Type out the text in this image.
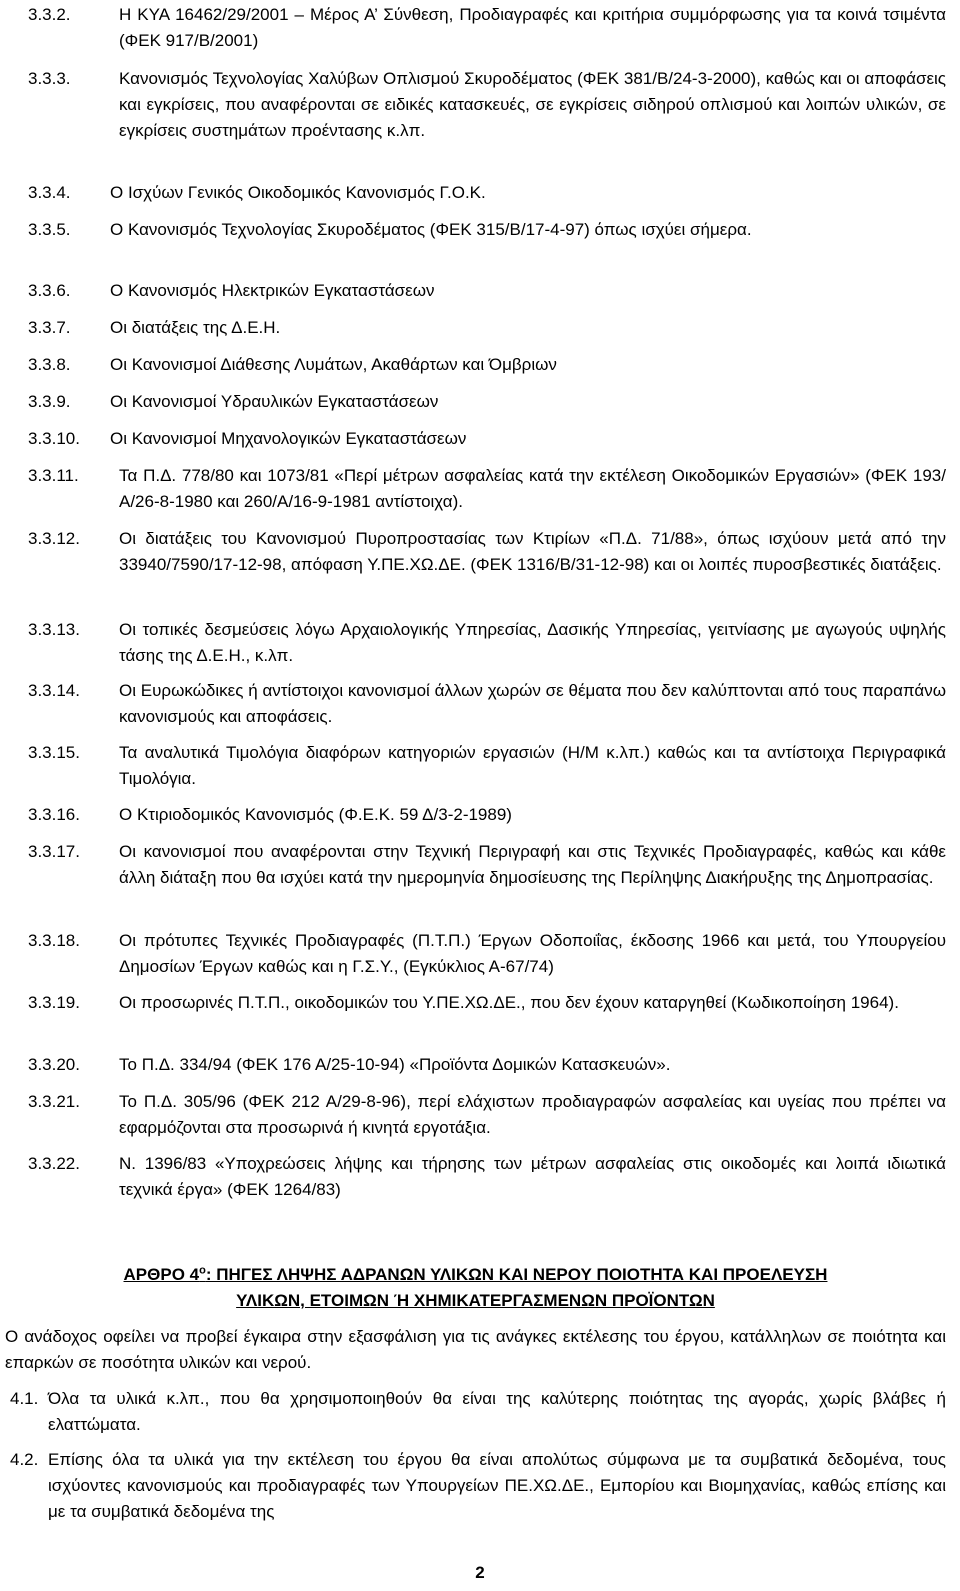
3.3.2.	Η ΚΥΑ 16462/29/2001 – Μέρος Α’ Σύνθεση, Προδιαγραφές και κριτήρια συμμόρφωσης για τα κοινά τσιμέντα (ΦΕΚ 917/Β/2001)
3.3.3.	Κανονισμός Τεχνολογίας Χαλύβων Οπλισμού Σκυροδέματος (ΦΕΚ 381/Β/24-3-2000), καθώς και οι αποφάσεις και εγκρίσεις, που αναφέρονται σε ειδικές κατασκευές, σε εγκρίσεις σιδηρού οπλισμού και λοιπών υλικών, σε εγκρίσεις συστημάτων προέντασης κ.λπ.
3.3.4. Ο Ισχύων Γενικός Οικοδομικός Κανονισμός Γ.Ο.Κ.
3.3.5. Ο Κανονισμός Τεχνολογίας Σκυροδέματος (ΦΕΚ 315/Β/17-4-97) όπως ισχύει σήμερα.
3.3.6. Ο Κανονισμός Ηλεκτρικών Εγκαταστάσεων
3.3.7. Οι διατάξεις της Δ.Ε.Η.
3.3.8. Οι Κανονισμοί Διάθεσης Λυμάτων, Ακαθάρτων και Όμβριων
3.3.9. Οι Κανονισμοί Υδραυλικών Εγκαταστάσεων
3.3.10. Οι Κανονισμοί Μηχανολογικών Εγκαταστάσεων
3.3.11. Τα Π.Δ. 778/80 και 1073/81 «Περί μέτρων ασφαλείας κατά την εκτέλεση Οικοδομικών Εργασιών» (ΦΕΚ 193/Α/26-8-1980 και 260/Α/16-9-1981 αντίστοιχα).
3.3.12. Οι διατάξεις του Κανονισμού Πυροπροστασίας των Κτιρίων «Π.Δ. 71/88», όπως ισχύουν μετά από την 33940/7590/17-12-98, απόφαση Υ.ΠΕ.ΧΩ.ΔΕ. (ΦΕΚ 1316/Β/31-12-98) και οι λοιπές πυροσβεστικές διατάξεις.
3.3.13. Οι τοπικές δεσμεύσεις λόγω Αρχαιολογικής Υπηρεσίας, Δασικής Υπηρεσίας, γειτνίασης με αγωγούς υψηλής τάσης της Δ.Ε.Η., κ.λπ.
3.3.14. Οι Ευρωκώδικες ή αντίστοιχοι κανονισμοί άλλων χωρών σε θέματα που δεν καλύπτονται από τους παραπάνω κανονισμούς και αποφάσεις.
3.3.15. Τα αναλυτικά Τιμολόγια διαφόρων κατηγοριών εργασιών (Η/Μ κ.λπ.) καθώς και τα αντίστοιχα Περιγραφικά Τιμολόγια.
3.3.16. Ο Κτιριοδομικός Κανονισμός (Φ.Ε.Κ. 59 Δ/3-2-1989)
3.3.17. Οι κανονισμοί που αναφέρονται στην Τεχνική Περιγραφή και στις Τεχνικές Προδιαγραφές, καθώς και κάθε άλλη διάταξη που θα ισχύει κατά την ημερομηνία δημοσίευσης της Περίληψης Διακήρυξης της Δημοπρασίας.
3.3.18. Οι πρότυπες Τεχνικές Προδιαγραφές (Π.Τ.Π.) Έργων Οδοποιΐας, έκδοσης 1966 και μετά, του Υπουργείου Δημοσίων Έργων καθώς και η Γ.Σ.Υ., (Εγκύκλιος Α-67/74)
3.3.19. Οι προσωρινές Π.Τ.Π., οικοδομικών του Υ.ΠΕ.ΧΩ.ΔΕ., που δεν έχουν καταργηθεί (Κωδικοποίηση 1964).
3.3.20. Το Π.Δ. 334/94 (ΦΕΚ 176 Α/25-10-94) «Προϊόντα Δομικών Κατασκευών».
3.3.21. Το Π.Δ. 305/96 (ΦΕΚ 212 Α/29-8-96), περί ελάχιστων προδιαγραφών ασφαλείας και υγείας που πρέπει να εφαρμόζονται στα προσωρινά ή κινητά εργοτάξια.
3.3.22. Ν. 1396/83 «Υποχρεώσεις λήψης και τήρησης των μέτρων ασφαλείας στις οικοδομές και λοιπά ιδιωτικά τεχνικά έργα» (ΦΕΚ 1264/83)
ΑΡΘΡΟ $4^o$: ΠΗΓΕΣ ΛΗΨΗΣ ΑΔΡΑΝΩΝ ΥΛΙΚΩΝ ΚΑΙ ΝΕΡΟΥ ΠΟΙΟΤΗΤΑ ΚΑΙ ΠΡΟΕΛΕΥΣΗ
ΥΛΙΚΩΝ, ΕΤΟΙΜΩΝ Ή ΧΗΜΙΚΑΤΕΡΓΑΣΜΕΝΩΝ ΠΡΟΪΟΝΤΩΝ
Ο ανάδοχος οφείλει να προβεί έγκαιρα στην εξασφάλιση για τις ανάγκες εκτέλεσης του έργου, κατάλληλων σε ποιότητα και επαρκών σε ποσότητα υλικών και νερού.
4.1. Όλα τα υλικά κ.λπ., που θα χρησιμοποιηθούν θα είναι της καλύτερης ποιότητας της αγοράς, χωρίς βλάβες ή ελαττώματα.
4.2. Επίσης όλα τα υλικά για την εκτέλεση του έργου θα είναι απολύτως σύμφωνα με τα συμβατικά δεδομένα, τους ισχύοντες κανονισμούς και προδιαγραφές των Υπουργείων ΠΕ.ΧΩ.ΔΕ., Εμπορίου και Βιομηχανίας, καθώς επίσης και με τα συμβατικά δεδομένα της
2
